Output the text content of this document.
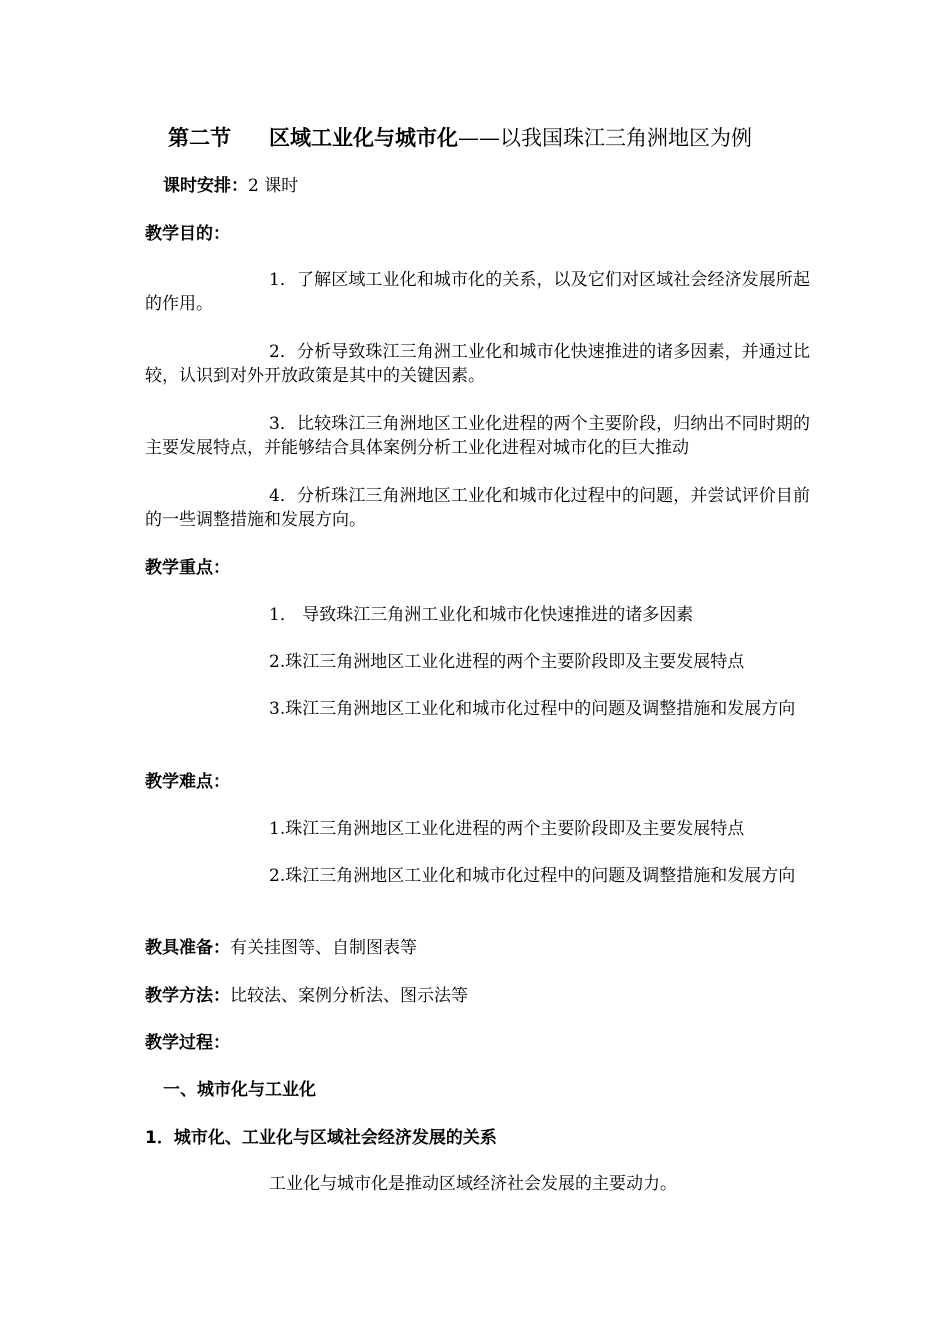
第二节 区域工业化与城市化——以我国珠江三角洲地区为例
课时安排：2 课时
教学目的：
1．了解区域工业化和城市化的关系，以及它们对区域社会经济发展所起的作用。
2．分析导致珠江三角洲工业化和城市化快速推进的诸多因素，并通过比较，认识到对外开放政策是其中的关键因素。
3．比较珠江三角洲地区工业化进程的两个主要阶段，归纳出不同时期的主要发展特点，并能够结合具体案例分析工业化进程对城市化的巨大推动
4．分析珠江三角洲地区工业化和城市化过程中的问题，并尝试评价目前的一些调整措施和发展方向。
教学重点：
1． 导致珠江三角洲工业化和城市化快速推进的诸多因素
2.珠江三角洲地区工业化进程的两个主要阶段即及主要发展特点
3.珠江三角洲地区工业化和城市化过程中的问题及调整措施和发展方向
教学难点：
1.珠江三角洲地区工业化进程的两个主要阶段即及主要发展特点
2.珠江三角洲地区工业化和城市化过程中的问题及调整措施和发展方向
教具准备：有关挂图等、自制图表等
教学方法：比较法、案例分析法、图示法等
教学过程：
一、城市化与工业化
1．城市化、工业化与区域社会经济发展的关系
工业化与城市化是推动区域经济社会发展的主要动力。
